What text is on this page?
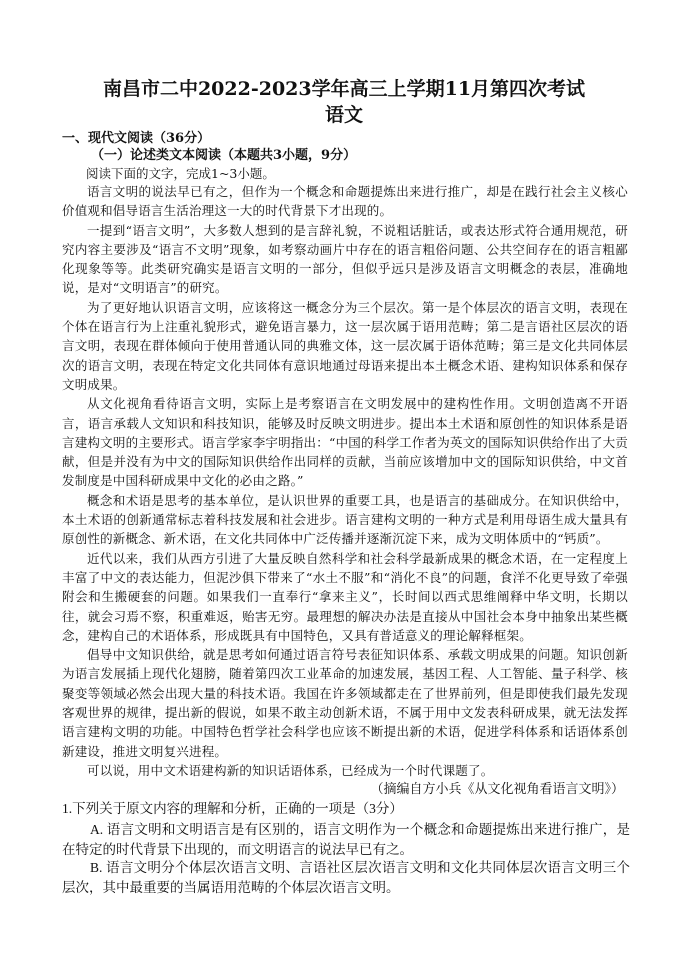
南昌市二中2022-2023学年高三上学期11月第四次考试
语文
一、现代文阅读（36分）
（一）论述类文本阅读（本题共3小题，9分）
阅读下面的文字，完成1~3小题。

语言文明的说法早已有之，但作为一个概念和命题提炼出来进行推广，却是在践行社会主义核心价值观和倡导语言生活治理这一大的时代背景下才出现的。

一提到“语言文明”，大多数人想到的是言辞礼貌，不说粗话脏话，或表达形式符合通用规范，研究内容主要涉及“语言不文明”现象，如考察动画片中存在的语言粗俗问题、公共空间存在的语言粗鄙化现象等等。此类研究确实是语言文明的一部分，但似乎远只是涉及语言文明概念的表层，准确地说，是对“文明语言”的研究。

为了更好地认识语言文明，应该将这一概念分为三个层次。第一是个体层次的语言文明，表现在个体在语言行为上注重礼貌形式，避免语言暴力，这一层次属于语用范畴；第二是言语社区层次的语言文明，表现在群体倾向于使用普通认同的典雅文体，这一层次属于语体范畴；第三是文化共同体层次的语言文明，表现在特定文化共同体有意识地通过母语来提出本土概念术语、建构知识体系和保存文明成果。

从文化视角看待语言文明，实际上是考察语言在文明发展中的建构性作用。文明创造离不开语言，语言承载人文知识和科技知识，能够及时反映文明进步。提出本土术语和原创性的知识体系是语言建构文明的主要形式。语言学家李宇明指出：“中国的科学工作者为英文的国际知识供给作出了大贡献，但是并没有为中文的国际知识供给作出同样的贡献，当前应该增加中文的国际知识供给，中文首发制度是中国科研成果中文化的必由之路。”

概念和术语是思考的基本单位，是认识世界的重要工具，也是语言的基础成分。在知识供给中，本土术语的创新通常标志着科技发展和社会进步。语言建构文明的一种方式是利用母语生成大量具有原创性的新概念、新术语，在文化共同体中广泛传播并逐渐沉淀下来，成为文明体质中的“钙质”。

近代以来，我们从西方引进了大量反映自然科学和社会科学最新成果的概念术语，在一定程度上丰富了中文的表达能力，但泥沙俱下带来了“水土不服”和“消化不良”的问题，食洋不化更导致了牵强附会和生搬硬套的问题。如果我们一直奉行“拿来主义”，长时间以西式思维阐释中华文明，长期以往，就会习焉不察，积重难返，贻害无穷。最理想的解决办法是直接从中国社会本身中抽象出某些概念，建构自己的术语体系，形成既具有中国特色，又具有普适意义的理论解释框架。

倡导中文知识供给，就是思考如何通过语言符号表征知识体系、承载文明成果的问题。知识创新为语言发展插上现代化翅膀，随着第四次工业革命的加速发展，基因工程、人工智能、量子科学、核聚变等领域必然会出现大量的科技术语。我国在许多领域都走在了世界前列，但是即使我们最先发现客观世界的规律，提出新的假说，如果不敢主动创新术语，不属于用中文发表科研成果，就无法发挥语言建构文明的功能。中国特色哲学社会科学也应该不断提出新的术语，促进学科体系和话语体系创新建设，推进文明复兴进程。

可以说，用中文术语建构新的知识话语体系，已经成为一个时代课题了。

（摘编自方小兵《从文化视角看语言文明》）
1.下列关于原文内容的理解和分析，正确的一项是（3分）
A. 语言文明和文明语言是有区别的，语言文明作为一个概念和命题提炼出来进行推广，是在特定的时代背景下出现的，而文明语言的说法早已有之。
B. 语言文明分个体层次语言文明、言语社区层次语言文明和文化共同体层次语言文明三个层次，其中最重要的当属语用范畴的个体层次语言文明。
